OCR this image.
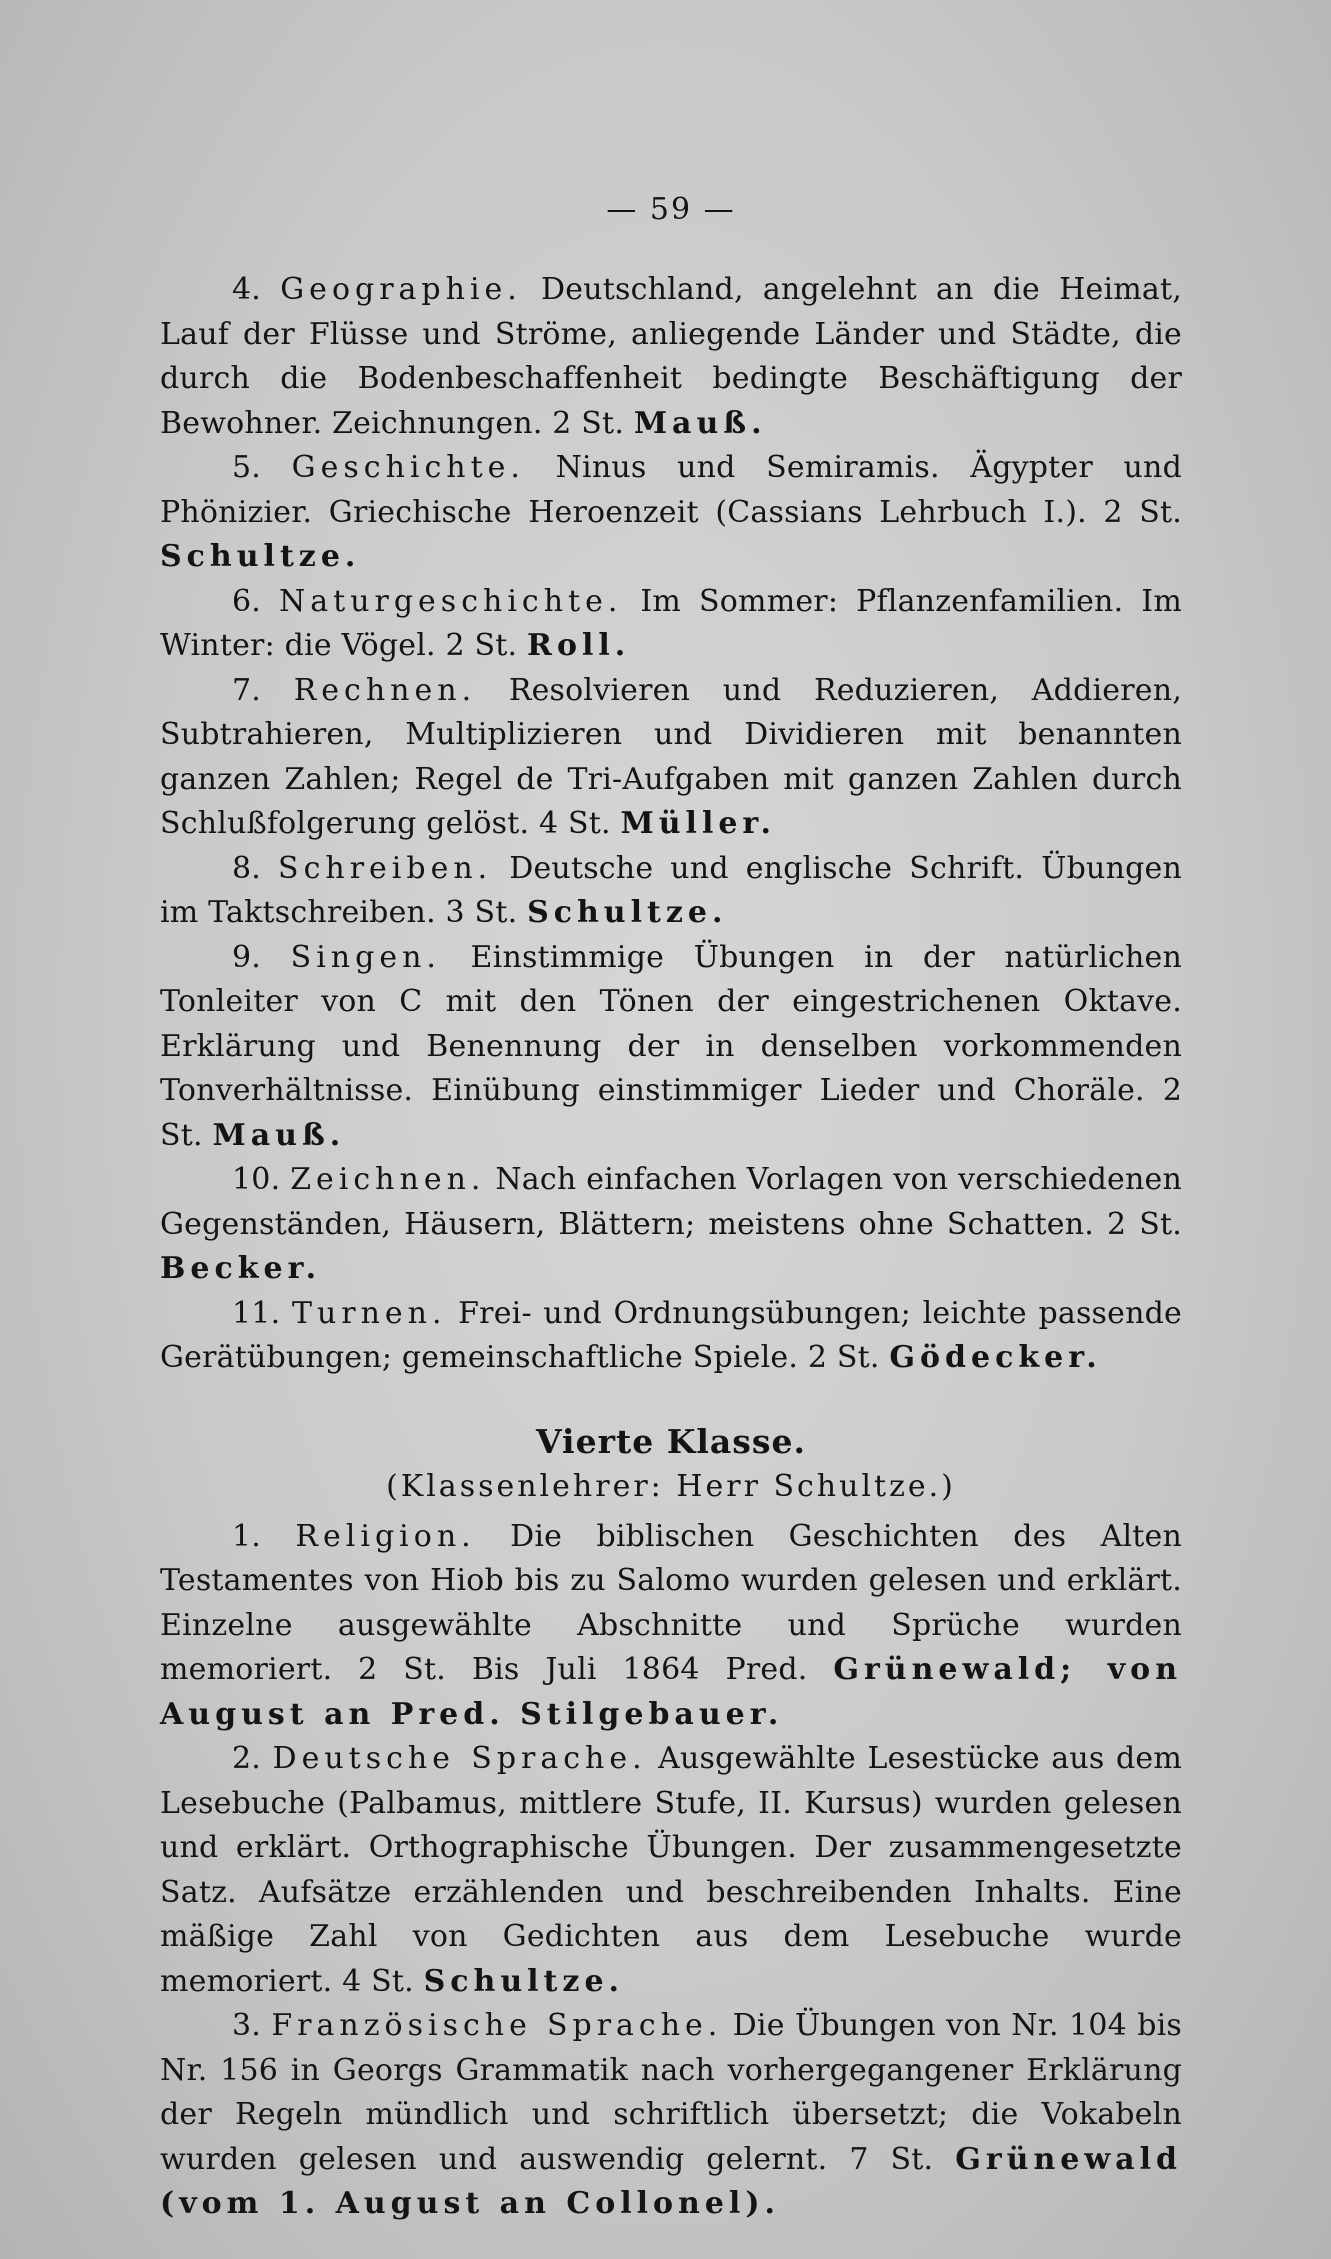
— 59 —

4. Geographie. Deutschland, angelehnt an die Heimat, Lauf der Flüsse und Ströme, anliegende Länder und Städte, die durch die Bodenbeschaffenheit bedingte Beschäftigung der Bewohner. Zeichnungen. 2 St. Mauß.

5. Geschichte. Ninus und Semiramis. Ägypter und Phönizier. Griechische Heroenzeit (Cassians Lehrbuch I.). 2 St. Schultze.

6. Naturgeschichte. Im Sommer: Pflanzenfamilien. Im Winter: die Vögel. 2 St. Roll.

7. Rechnen. Resolvieren und Reduzieren, Addieren, Subtrahieren, Multiplizieren und Dividieren mit benannten ganzen Zahlen; Regel de Tri-Aufgaben mit ganzen Zahlen durch Schlußfolgerung gelöst. 4 St. Müller.

8. Schreiben. Deutsche und englische Schrift. Übungen im Taktschreiben. 3 St. Schultze.

9. Singen. Einstimmige Übungen in der natürlichen Tonleiter von C mit den Tönen der eingestrichenen Oktave. Erklärung und Benennung der in denselben vorkommenden Tonverhältnisse. Einübung einstimmiger Lieder und Choräle. 2 St. Mauß.

10. Zeichnen. Nach einfachen Vorlagen von verschiedenen Gegenständen, Häusern, Blättern; meistens ohne Schatten. 2 St. Becker.

11. Turnen. Frei- und Ordnungsübungen; leichte passende Gerätübungen; gemeinschaftliche Spiele. 2 St. Gödecker.

Vierte Klasse.
(Klassenlehrer: Herr Schultze.)

1. Religion. Die biblischen Geschichten des Alten Testamentes von Hiob bis zu Salomo wurden gelesen und erklärt. Einzelne ausgewählte Abschnitte und Sprüche wurden memoriert. 2 St. Bis Juli 1864 Pred. Grünewald; von August an Pred. Stilgebauer.

2. Deutsche Sprache. Ausgewählte Lesestücke aus dem Lesebuche (Palbamus, mittlere Stufe, II. Kursus) wurden gelesen und erklärt. Orthographische Übungen. Der zusammengesetzte Satz. Aufsätze erzählenden und beschreibenden Inhalts. Eine mäßige Zahl von Gedichten aus dem Lesebuche wurde memoriert. 4 St. Schultze.

3. Französische Sprache. Die Übungen von Nr. 104 bis Nr. 156 in Georgs Grammatik nach vorhergegangener Erklärung der Regeln mündlich und schriftlich übersetzt; die Vokabeln wurden gelesen und auswendig gelernt. 7 St. Grünewald (vom 1. August an Collonel).
